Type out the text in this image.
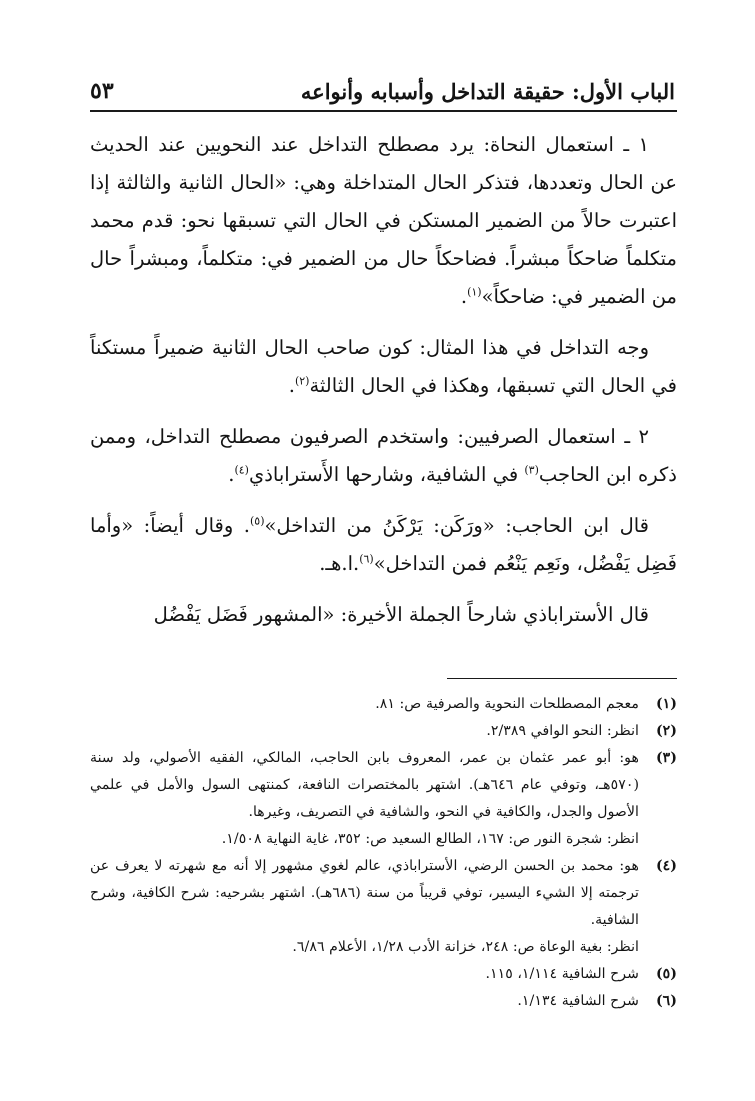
الباب الأول: حقيقة التداخل وأسبابه وأنواعه
٥٣

١ ـ استعمال النحاة: يرد مصطلح التداخل عند النحويين عند الحديث عن الحال وتعددها، فتذكر الحال المتداخلة وهي: «الحال الثانية والثالثة إذا اعتبرت حالاً من الضمير المستكن في الحال التي تسبقها نحو: قدم محمد متكلماً ضاحكاً مبشراً. فضاحكاً حال من الضمير في: متكلماً، ومبشراً حال من الضمير في: ضاحكاً»$^{(١)}$.

وجه التداخل في هذا المثال: كون صاحب الحال الثانية ضميراً مستكناً في الحال التي تسبقها، وهكذا في الحال الثالثة$^{(٢)}$.

٢ ـ استعمال الصرفيين: واستخدم الصرفيون مصطلح التداخل، وممن ذكره ابن الحاجب$^{(٣)}$ في الشافية، وشارحها الأَستراباذي$^{(٤)}$.

قال ابن الحاجب: «ورَكَن: يَرْكَنُ من التداخل»$^{(٥)}$. وقال أيضاً: «وأما فَضِل يَفْضُل، ونَعِم يَنْعُم فمن التداخل»$^{(٦)}$.ا.هـ.

قال الأستراباذي شارحاً الجملة الأخيرة: «المشهور فَضَل يَفْضُل

(١)
معجم المصطلحات النحوية والصرفية ص: ٨١.
(٢)
انظر: النحو الوافي ٢/٣٨٩.
(٣)
هو: أبو عمر عثمان بن عمر، المعروف بابن الحاجب، المالكي، الفقيه الأصولي، ولد سنة (٥٧٠هـ، وتوفي عام ٦٤٦هـ). اشتهر بالمختصرات النافعة، كمنتهى السول والأمل في علمي الأصول والجدل، والكافية في النحو، والشافية في التصريف، وغيرها.
انظر: شجرة النور ص: ١٦٧، الطالع السعيد ص: ٣٥٢، غاية النهاية ١/٥٠٨.
(٤)
هو: محمد بن الحسن الرضي، الأستراباذي، عالم لغوي مشهور إلا أنه مع شهرته لا يعرف عن ترجمته إلا الشيء اليسير، توفي قريباً من سنة (٦٨٦هـ). اشتهر بشرحيه: شرح الكافية، وشرح الشافية.
انظر: بغية الوعاة ص: ٢٤٨، خزانة الأدب ١/٢٨، الأعلام ٦/٨٦.
(٥)
شرح الشافية ١/١١٤، ١١٥.
(٦)
شرح الشافية ١/١٣٤.
